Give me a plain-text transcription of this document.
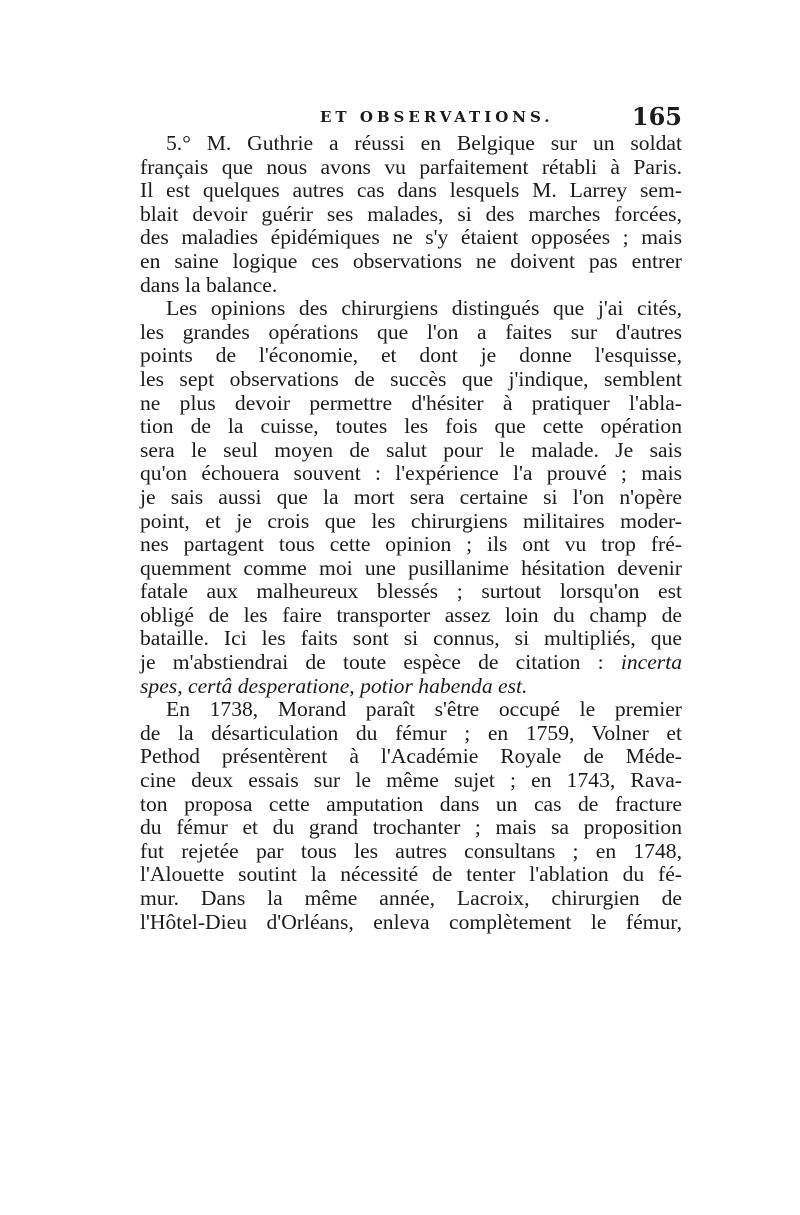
ET OBSERVATIONS.	165
5.° M. Guthrie a réussi en Belgique sur un soldat
français que nous avons vu parfaitement rétabli à Paris.
Il est quelques autres cas dans lesquels M. Larrey sem-
blait devoir guérir ses malades, si des marches forcées,
des maladies épidémiques ne s'y étaient opposées ; mais
en saine logique ces observations ne doivent pas entrer
dans la balance.
Les opinions des chirurgiens distingués que j'ai cités,
les grandes opérations que l'on a faites sur d'autres
points de l'économie, et dont je donne l'esquisse,
les sept observations de succès que j'indique, semblent
ne plus devoir permettre d'hésiter à pratiquer l'abla-
tion de la cuisse, toutes les fois que cette opération
sera le seul moyen de salut pour le malade. Je sais
qu'on échouera souvent : l'expérience l'a prouvé ; mais
je sais aussi que la mort sera certaine si l'on n'opère
point, et je crois que les chirurgiens militaires moder-
nes partagent tous cette opinion ; ils ont vu trop fré-
quemment comme moi une pusillanime hésitation devenir
fatale aux malheureux blessés ; surtout lorsqu'on est
obligé de les faire transporter assez loin du champ de
bataille. Ici les faits sont si connus, si multipliés, que
je m'abstiendrai de toute espèce de citation : incerta
spes, certâ desperatione, potior habenda est.
En 1738, Morand paraît s'être occupé le premier
de la désarticulation du fémur ; en 1759, Volner et
Pethod présentèrent à l'Académie Royale de Méde-
cine deux essais sur le même sujet ; en 1743, Rava-
ton proposa cette amputation dans un cas de fracture
du fémur et du grand trochanter ; mais sa proposition
fut rejetée par tous les autres consultans ; en 1748,
l'Alouette soutint la nécessité de tenter l'ablation du fé-
mur. Dans la même année, Lacroix, chirurgien de
l'Hôtel-Dieu d'Orléans, enleva complètement le fémur,
